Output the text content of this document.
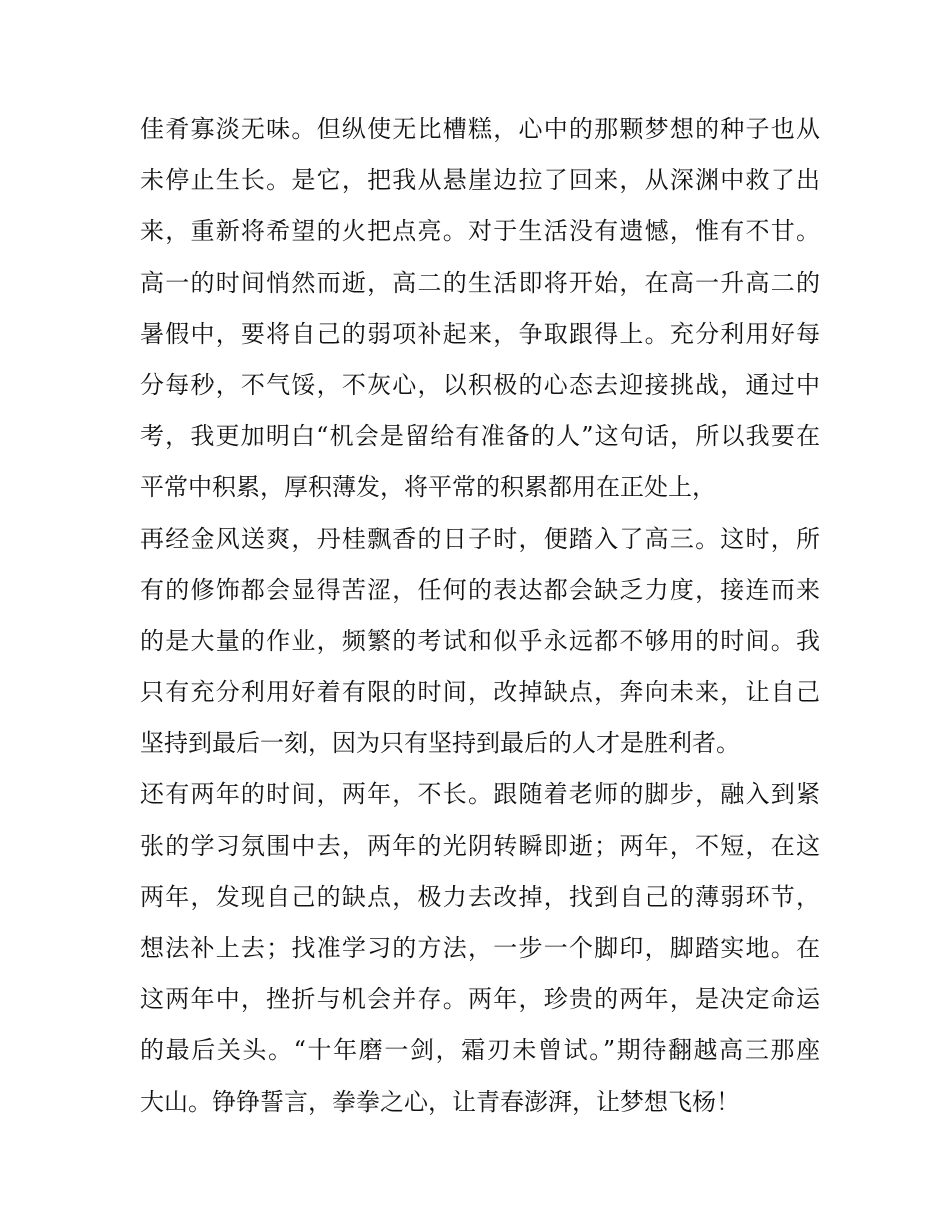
佳肴寡淡无味。但纵使无比槽糕，心中的那颗梦想的种子也从
未停止生长。是它，把我从悬崖边拉了回来，从深渊中救了出
来，重新将希望的火把点亮。对于生活没有遗憾，惟有不甘。
高一的时间悄然而逝，高二的生活即将开始，在高一升高二的
暑假中，要将自己的弱项补起来，争取跟得上。充分利用好每
分每秒，不气馁，不灰心，以积极的心态去迎接挑战，通过中
考，我更加明白“机会是留给有准备的人”这句话，所以我要在
平常中积累，厚积薄发，将平常的积累都用在正处上，
再经金风送爽，丹桂飘香的日子时，便踏入了高三。这时，所
有的修饰都会显得苦涩，任何的表达都会缺乏力度，接连而来
的是大量的作业，频繁的考试和似乎永远都不够用的时间。我
只有充分利用好着有限的时间，改掉缺点，奔向未来，让自己
坚持到最后一刻，因为只有坚持到最后的人才是胜利者。
还有两年的时间，两年，不长。跟随着老师的脚步，融入到紧
张的学习氛围中去，两年的光阴转瞬即逝；两年，不短，在这
两年，发现自己的缺点，极力去改掉，找到自己的薄弱环节，
想法补上去；找准学习的方法，一步一个脚印，脚踏实地。在
这两年中，挫折与机会并存。两年，珍贵的两年，是决定命运
的最后关头。“十年磨一剑，霜刃未曾试。”期待翻越高三那座
大山。铮铮誓言，拳拳之心，让青春澎湃，让梦想飞杨！
